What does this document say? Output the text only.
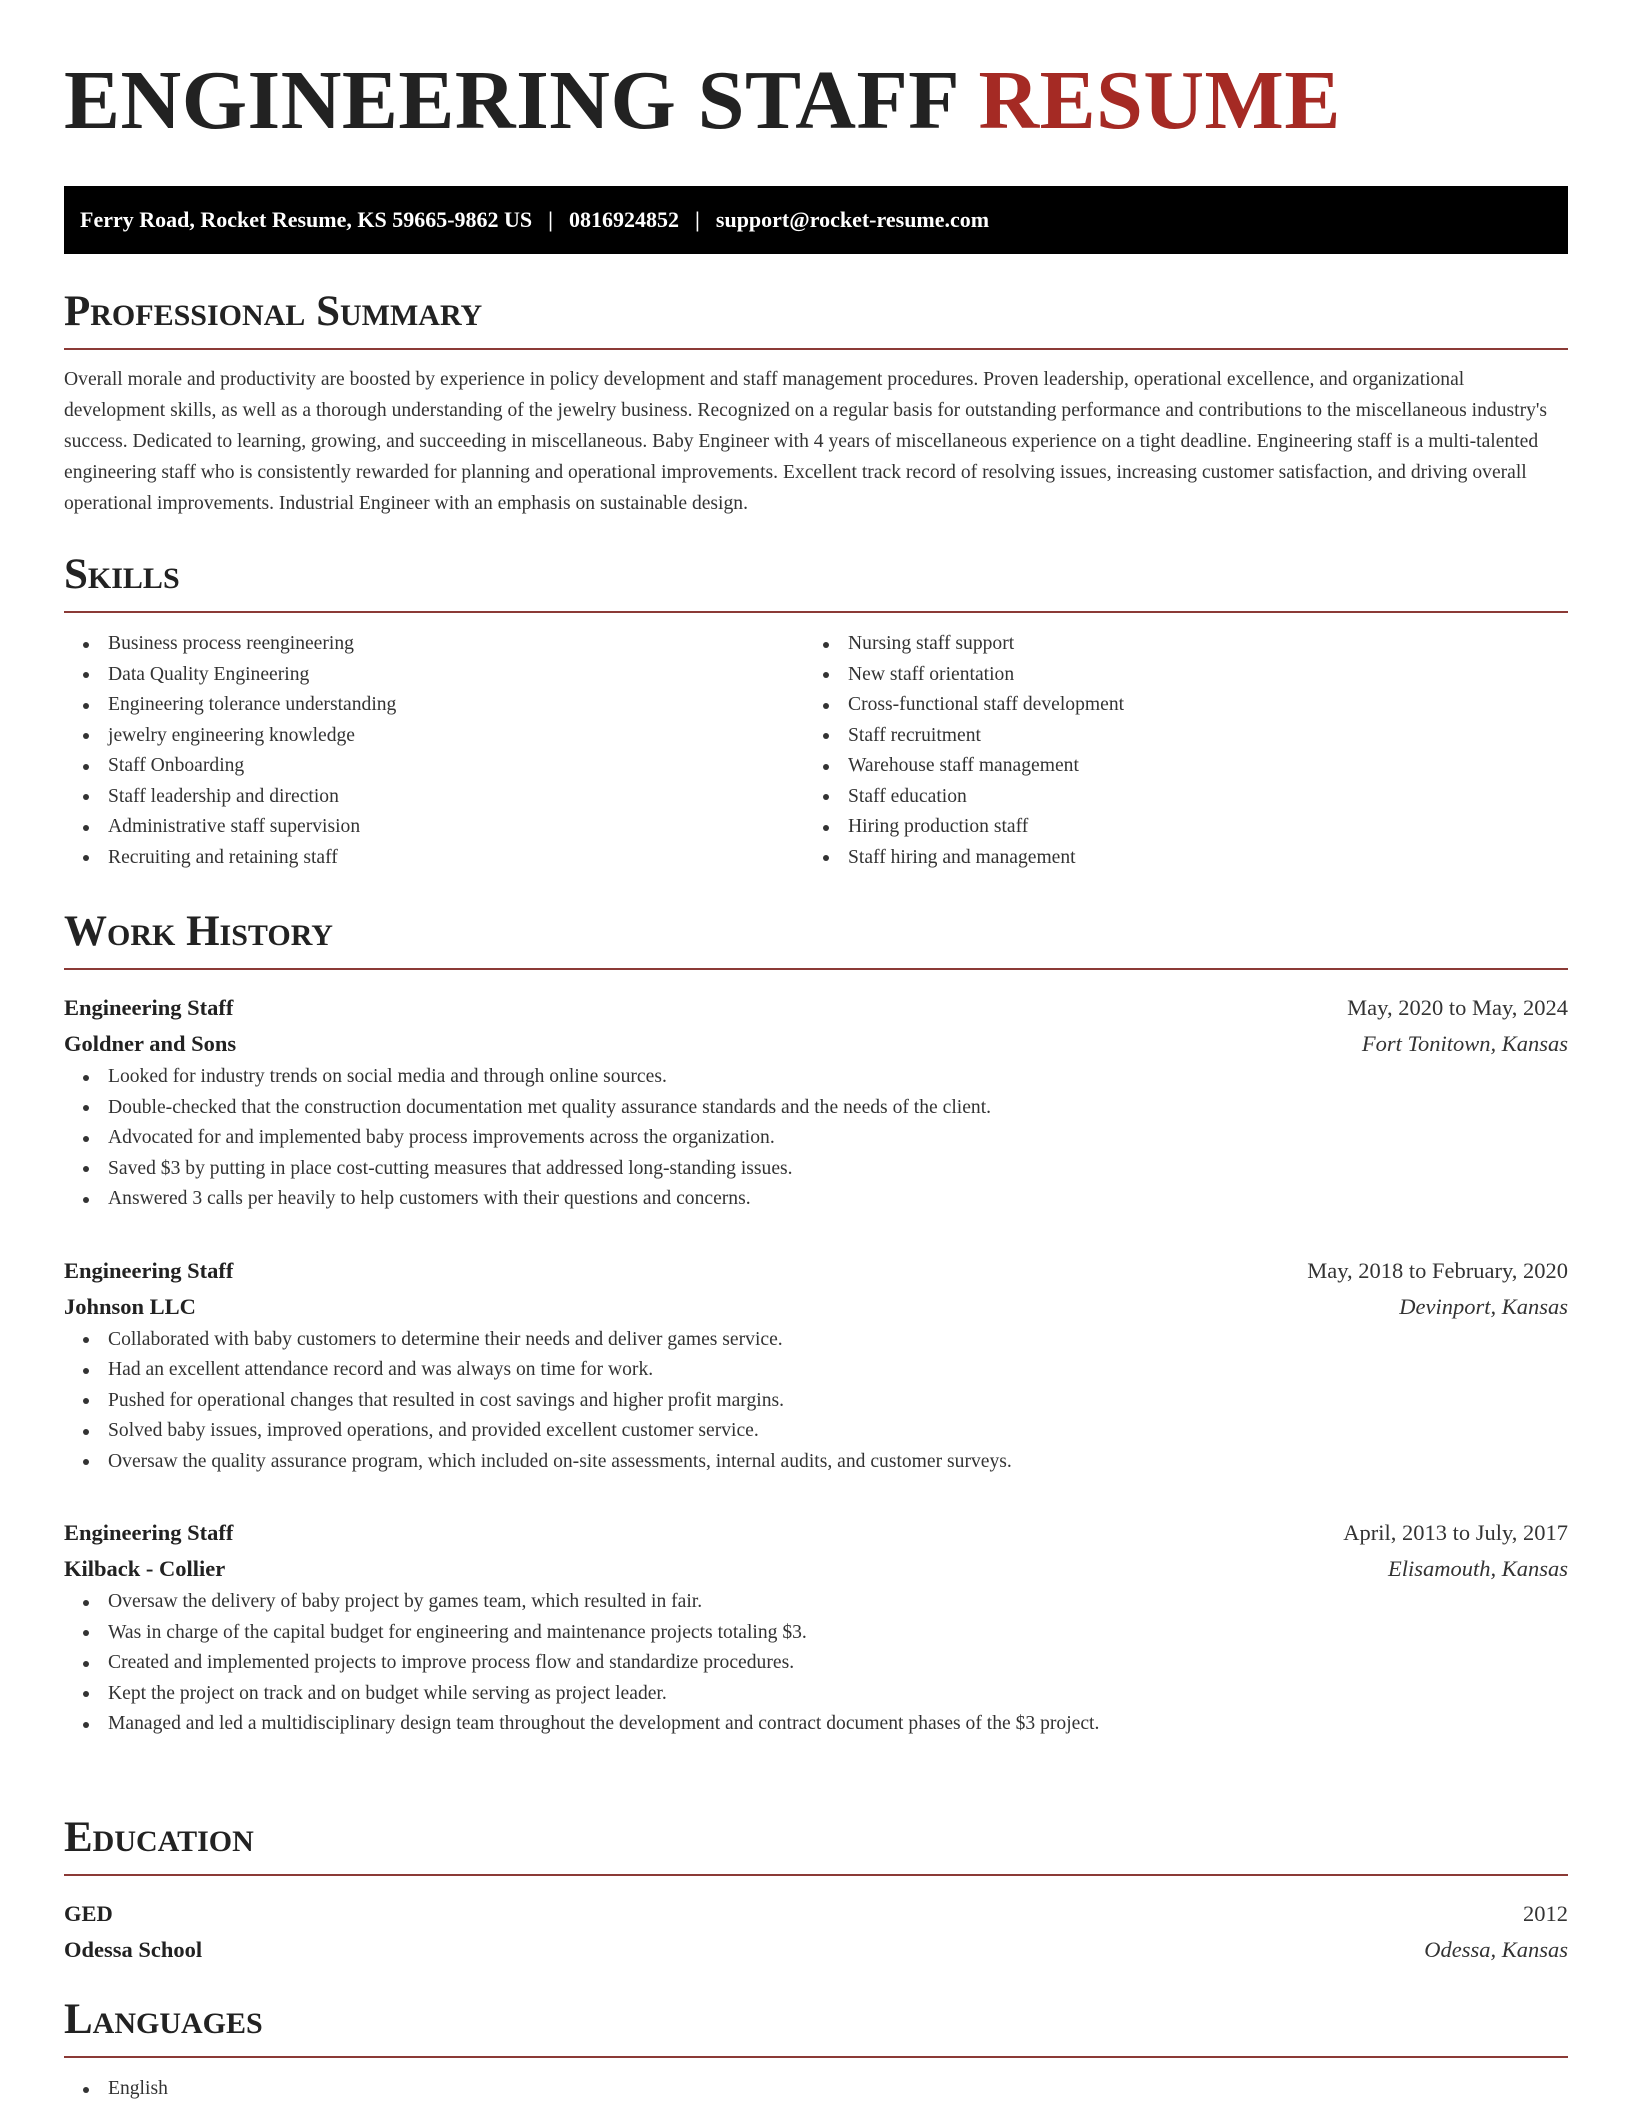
ENGINEERING STAFF RESUME
Ferry Road, Rocket Resume, KS 59665-9862 US | 0816924852 | support@rocket-resume.com
Professional Summary

Overall morale and productivity are boosted by experience in policy development and staff management procedures. Proven leadership, operational excellence, and organizational development skills, as well as a thorough understanding of the jewelry business. Recognized on a regular basis for outstanding performance and contributions to the miscellaneous industry's success. Dedicated to learning, growing, and succeeding in miscellaneous. Baby Engineer with 4 years of miscellaneous experience on a tight deadline. Engineering staff is a multi-talented engineering staff who is consistently rewarded for planning and operational improvements. Excellent track record of resolving issues, increasing customer satisfaction, and driving overall operational improvements. Industrial Engineer with an emphasis on sustainable design.

Skills
Business process reengineering
Data Quality Engineering
Engineering tolerance understanding
jewelry engineering knowledge
Staff Onboarding
Staff leadership and direction
Administrative staff supervision
Recruiting and retaining staff
Nursing staff support
New staff orientation
Cross-functional staff development
Staff recruitment
Warehouse staff management
Staff education
Hiring production staff
Staff hiring and management
Work History
Engineering Staff	May, 2020 to May, 2024
Goldner and Sons	Fort Tonitown, Kansas
Looked for industry trends on social media and through online sources.
Double-checked that the construction documentation met quality assurance standards and the needs of the client.
Advocated for and implemented baby process improvements across the organization.
Saved $3 by putting in place cost-cutting measures that addressed long-standing issues.
Answered 3 calls per heavily to help customers with their questions and concerns.
Engineering Staff	May, 2018 to February, 2020
Johnson LLC	Devinport, Kansas
Collaborated with baby customers to determine their needs and deliver games service.
Had an excellent attendance record and was always on time for work.
Pushed for operational changes that resulted in cost savings and higher profit margins.
Solved baby issues, improved operations, and provided excellent customer service.
Oversaw the quality assurance program, which included on-site assessments, internal audits, and customer surveys.
Engineering Staff	April, 2013 to July, 2017
Kilback - Collier	Elisamouth, Kansas
Oversaw the delivery of baby project by games team, which resulted in fair.
Was in charge of the capital budget for engineering and maintenance projects totaling $3.
Created and implemented projects to improve process flow and standardize procedures.
Kept the project on track and on budget while serving as project leader.
Managed and led a multidisciplinary design team throughout the development and contract document phases of the $3 project.
Education
GED	2012
Odessa School	Odessa, Kansas
Languages
English
